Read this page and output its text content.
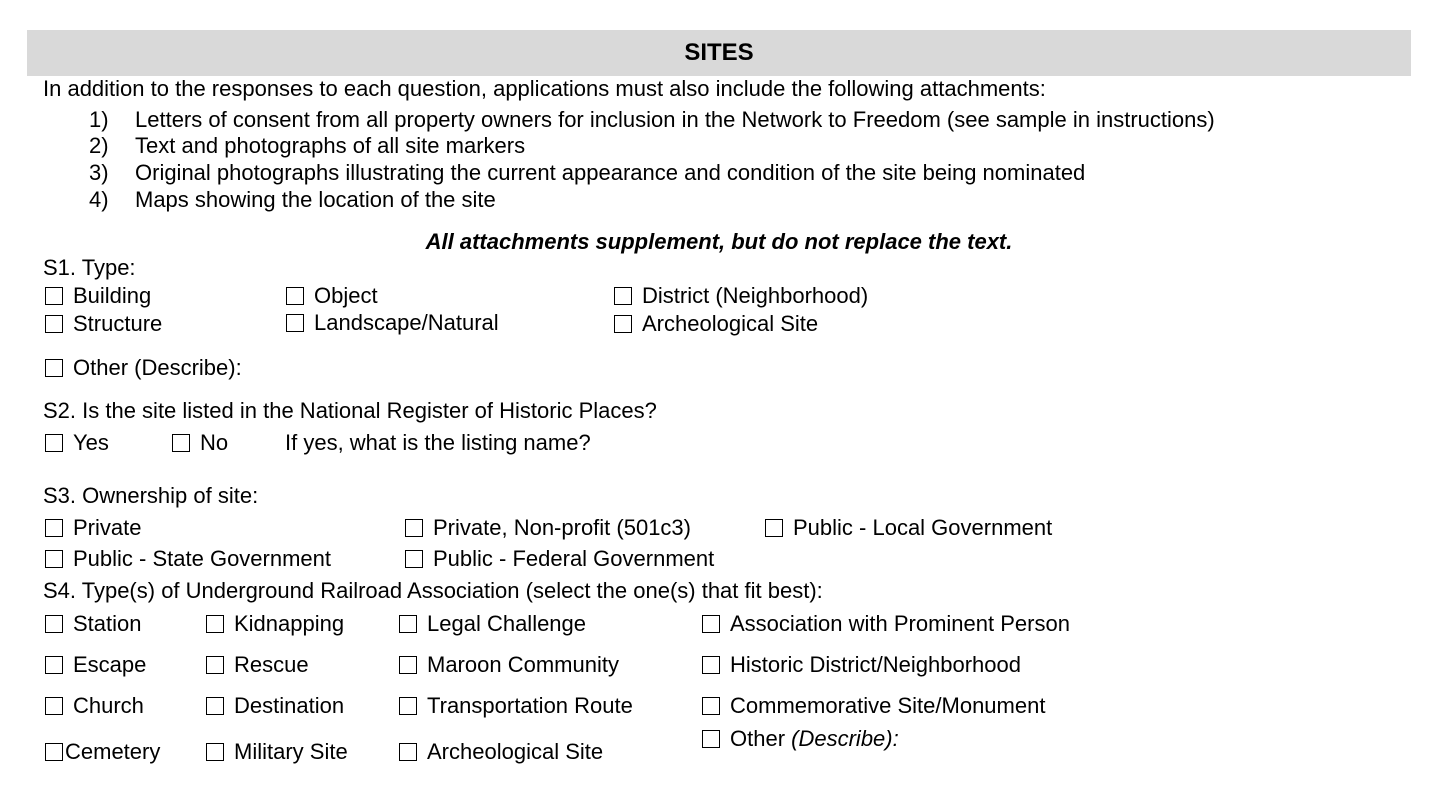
SITES
In addition to the responses to each question, applications must also include the following attachments:
1) Letters of consent from all property owners for inclusion in the Network to Freedom (see sample in instructions)
2) Text and photographs of all site markers
3) Original photographs illustrating the current appearance and condition of the site being nominated
4) Maps showing the location of the site
All attachments supplement, but do not replace the text.
S1. Type:
Building	Object	District (Neighborhood)
Structure	Landscape/Natural	Archeological Site
Other (Describe):
S2. Is the site listed in the National Register of Historic Places?
Yes	No	If yes, what is the listing name?
S3. Ownership of site:
Private	Private, Non-profit (501c3)	Public - Local Government
Public - State Government	Public - Federal Government
S4. Type(s) of Underground Railroad Association (select the one(s) that fit best):
Station	Kidnapping	Legal Challenge	Association with Prominent Person
Escape	Rescue	Maroon Community	Historic District/Neighborhood
Church	Destination	Transportation Route	Commemorative Site/Monument
Cemetery	Military Site	Archeological Site
Other
(Describe):
